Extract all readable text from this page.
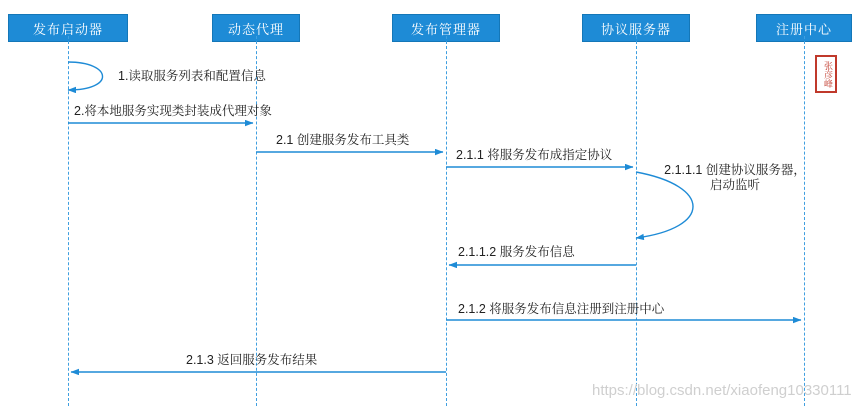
发布启动器	动态代理	发布管理器	协议服务器	注册中心
1.读取服务列表和配置信息
2.将本地服务实现类封装成代理对象
2.1 创建服务发布工具类
2.1.1 将服务发布成指定协议
2.1.1.1 创建协议服务器，启动监听
2.1.1.2 服务发布信息
2.1.2 将服务发布信息注册到注册中心
2.1.3 返回服务发布结果
张彦峰
https://blog.csdn.net/xiaofeng10330111
